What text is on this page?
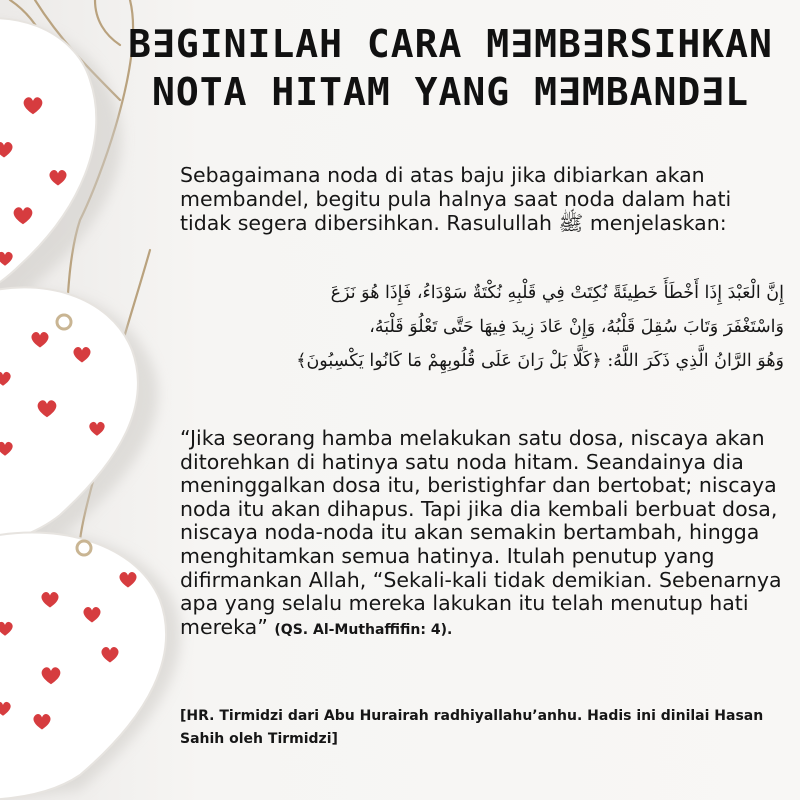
B∃GINILAH CARA M∃MB∃RSIHKAN
NOTA HITAM YANG M∃MBAND∃L
Sebagaimana noda di atas baju jika dibiarkan akan membandel, begitu pula halnya saat noda dalam hati tidak segera dibersihkan. Rasulullah ﷺ menjelaskan:
إِنَّ الْعَبْدَ إِذَا أَخْطَأَ خَطِيئَةً نُكِتَتْ فِي قَلْبِهِ نُكْتَةٌ سَوْدَاءُ، فَإِذَا هُوَ نَزَعَ
وَاسْتَغْفَرَ وَتَابَ سُقِلَ قَلْبُهُ، وَإِنْ عَادَ زِيدَ فِيهَا حَتَّى تَعْلُوَ قَلْبَهُ،
وَهُوَ الرَّانُ الَّذِي ذَكَرَ اللَّهُ: ﴿كَلَّا بَلْ رَانَ عَلَى قُلُوبِهِمْ مَا كَانُوا يَكْسِبُونَ﴾
“Jika seorang hamba melakukan satu dosa, niscaya akan ditorehkan di hatinya satu noda hitam. Seandainya dia meninggalkan dosa itu, beristighfar dan bertobat; niscaya noda itu akan dihapus. Tapi jika dia kembali berbuat dosa, niscaya noda-noda itu akan semakin bertambah, hingga menghitamkan semua hatinya. Itulah penutup yang difirmankan Allah, “Sekali-kali tidak demikian. Sebenarnya apa yang selalu mereka lakukan itu telah menutup hati mereka” (QS. Al-Muthaffifin: 4).
[HR. Tirmidzi dari Abu Hurairah radhiyallahu’anhu. Hadis ini dinilai Hasan Sahih oleh Tirmidzi]
